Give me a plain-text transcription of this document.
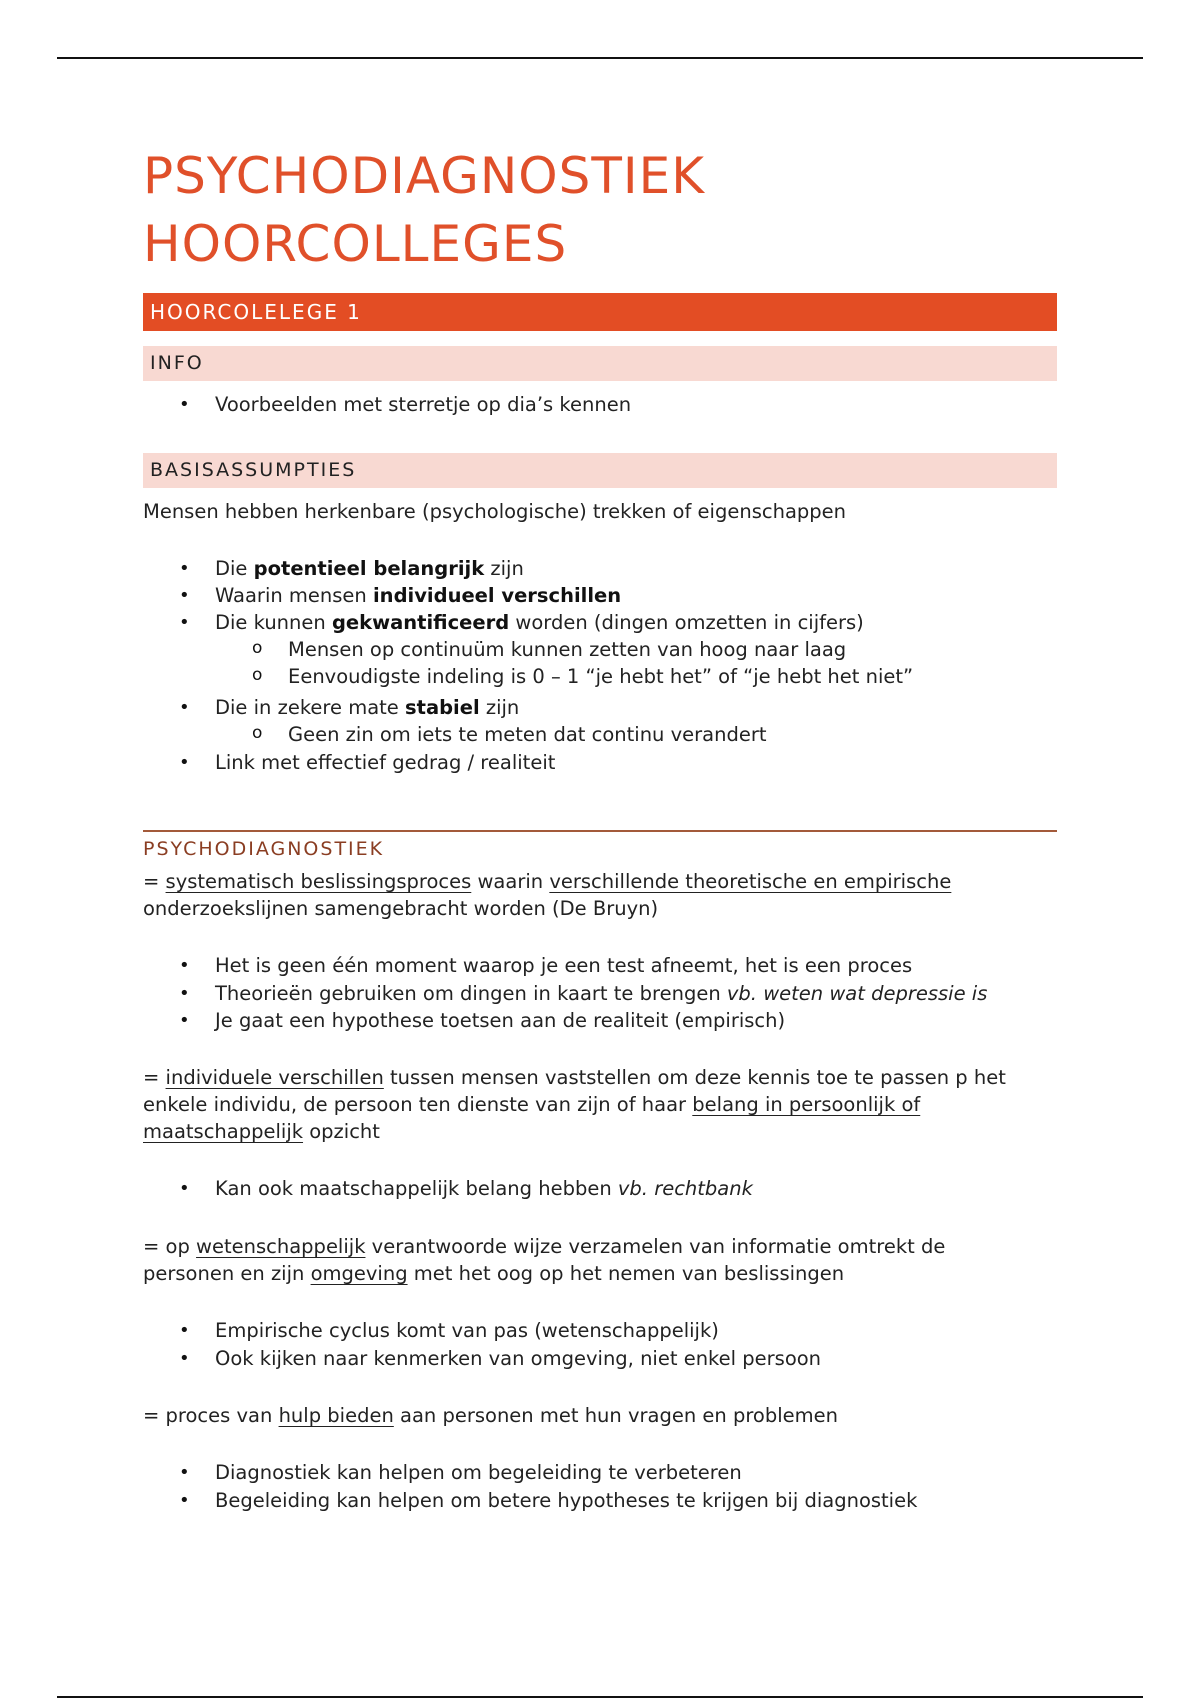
PSYCHODIAGNOSTIEK
HOORCOLLEGES
HOORCOLELEGE 1
INFO
• Voorbeelden met sterretje op dia’s kennen
BASISASSUMPTIES

Mensen hebben herkenbare (psychologische) trekken of eigenschappen

• Die potentieel belangrijk zijn
• Waarin mensen individueel verschillen
• Die kunnen gekwantificeerd worden (dingen omzetten in cijfers)
o Mensen op continuüm kunnen zetten van hoog naar laag
o Eenvoudigste indeling is 0 – 1 “je hebt het” of “je hebt het niet”
• Die in zekere mate stabiel zijn
o Geen zin om iets te meten dat continu verandert
• Link met effectief gedrag / realiteit
PSYCHODIAGNOSTIEK

= systematisch beslissingsproces waarin verschillende theoretische en empirische
onderzoekslijnen samengebracht worden (De Bruyn)

• Het is geen één moment waarop je een test afneemt, het is een proces
• Theorieën gebruiken om dingen in kaart te brengen vb. weten wat depressie is
• Je gaat een hypothese toetsen aan de realiteit (empirisch)

= individuele verschillen tussen mensen vaststellen om deze kennis toe te passen p het
enkele individu, de persoon ten dienste van zijn of haar belang in persoonlijk of
maatschappelijk opzicht

• Kan ook maatschappelijk belang hebben vb. rechtbank

= op wetenschappelijk verantwoorde wijze verzamelen van informatie omtrekt de
personen en zijn omgeving met het oog op het nemen van beslissingen

• Empirische cyclus komt van pas (wetenschappelijk)
• Ook kijken naar kenmerken van omgeving, niet enkel persoon

= proces van hulp bieden aan personen met hun vragen en problemen

• Diagnostiek kan helpen om begeleiding te verbeteren
• Begeleiding kan helpen om betere hypotheses te krijgen bij diagnostiek
